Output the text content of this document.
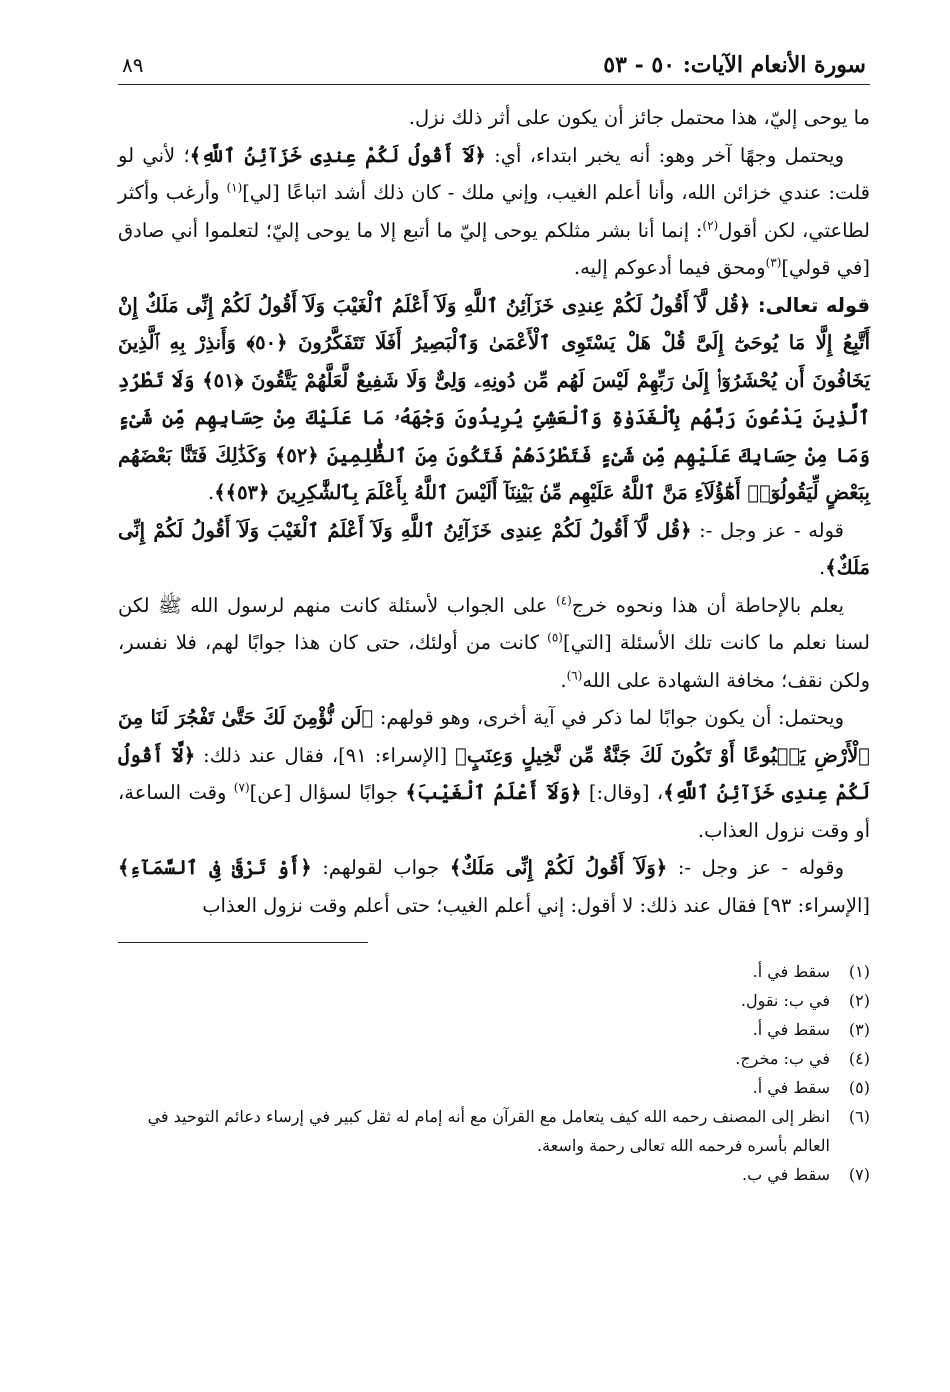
سورة الأنعام الآيات: ٥٠ - ٥٣
٨٩

ما يوحى إليّ، هذا محتمل جائز أن يكون على أثر ذلك نزل.

ويحتمل وجهًا آخر وهو: أنه يخبر ابتداء، أي: ﴿لَآ أَقُولُ لَكُمْ عِندِى خَزَآئِنُ ٱللَّهِ﴾؛ لأني لو قلت: عندي خزائن الله، وأنا أعلم الغيب، وإني ملك - كان ذلك أشد اتباعًا [لي]$^{(١)}$ وأرغب وأكثر لطاعتي، لكن أقول$^{(٢)}$: إنما أنا بشر مثلكم يوحى إليّ ما أتبع إلا ما يوحى إليّ؛ لتعلموا أني صادق [في قولي]$^{(٣)}$ومحق فيما أدعوكم إليه.

قوله تعالى: ﴿قُل لَّآ أَقُولُ لَكُمْ عِندِى خَزَآئِنُ ٱللَّهِ وَلَآ أَعْلَمُ ٱلْغَيْبَ وَلَآ أَقُولُ لَكُمْ إِنِّى مَلَكٌ إِنْ أَتَّبِعُ إِلَّا مَا يُوحَىٰٓ إِلَىَّ قُلْ هَلْ يَسْتَوِى ٱلْأَعْمَىٰ وَٱلْبَصِيرُ أَفَلَا تَتَفَكَّرُونَ ﴿٥٠﴾ وَأَنذِرْ بِهِ ٱلَّذِينَ يَخَافُونَ أَن يُحْشَرُوٓا۟ إِلَىٰ رَبِّهِمْ لَيْسَ لَهُم مِّن دُونِهِۦ وَلِىٌّ وَلَا شَفِيعٌ لَّعَلَّهُمْ يَتَّقُونَ ﴿٥١﴾ وَلَا تَطْرُدِ ٱلَّذِينَ يَدْعُونَ رَبَّهُم بِٱلْغَدَوٰةِ وَٱلْعَشِىِّ يُرِيدُونَ وَجْهَهُۥ مَا عَلَيْكَ مِنْ حِسَابِهِم مِّن شَىْءٍ وَمَا مِنْ حِسَابِكَ عَلَيْهِم مِّن شَىْءٍ فَتَطْرُدَهُمْ فَتَكُونَ مِنَ ٱلظَّٰلِمِينَ ﴿٥٢﴾ وَكَذَٰلِكَ فَتَنَّا بَعْضَهُم بِبَعْضٍ لِّيَقُولُوٓا۟ أَهَٰٓؤُلَآءِ مَنَّ ٱللَّهُ عَلَيْهِم مِّنۢ بَيْنِنَآ أَلَيْسَ ٱللَّهُ بِأَعْلَمَ بِٱلشَّٰكِرِينَ ﴿٥٣﴾﴾.

قوله - عز وجل -: ﴿قُل لَّآ أَقُولُ لَكُمْ عِندِى خَزَآئِنُ ٱللَّهِ وَلَآ أَعْلَمُ ٱلْغَيْبَ وَلَآ أَقُولُ لَكُمْ إِنِّى مَلَكٌ﴾.

يعلم بالإحاطة أن هذا ونحوه خرج$^{(٤)}$ على الجواب لأسئلة كانت منهم لرسول الله ﷺ لكن لسنا نعلم ما كانت تلك الأسئلة [التي]$^{(٥)}$ كانت من أولئك، حتى كان هذا جوابًا لهم، فلا نفسر، ولكن نقف؛ مخافة الشهادة على الله$^{(٦)}$.

ويحتمل: أن يكون جوابًا لما ذكر في آية أخرى، وهو قولهم: ﴿لَن نُّؤْمِنَ لَكَ حَتَّىٰ تَفْجُرَ لَنَا مِنَ ٱلْأَرْضِ يَنۢبُوعًا أَوْ تَكُونَ لَكَ جَنَّةٌ مِّن نَّخِيلٍ وَعِنَبٍ﴾ [الإسراء: ٩١]، فقال عند ذلك: ﴿لَّآ أَقُولُ لَكُمْ عِندِى خَزَآئِنُ ٱللَّهِ﴾، [وقال:] ﴿وَلَآ أَعْلَمُ ٱلْغَيْبَ﴾ جوابًا لسؤال [عن]$^{(٧)}$ وقت الساعة، أو وقت نزول العذاب.

وقوله - عز وجل -: ﴿وَلَآ أَقُولُ لَكُمْ إِنِّى مَلَكٌ﴾ جواب لقولهم: ﴿أَوْ تَرْقَىٰ فِى ٱلسَّمَآءِ﴾ [الإسراء: ٩٣] فقال عند ذلك: لا أقول: إني أعلم الغيب؛ حتى أعلم وقت نزول العذاب

(١)
سقط في أ.
(٢)
في ب: نقول.
(٣)
سقط في أ.
(٤)
في ب: مخرج.
(٥)
سقط في أ.
(٦)
انظر إلى المصنف رحمه الله كيف يتعامل مع القرآن مع أنه إمام له ثقل كبير في إرساء دعائم التوحيد في العالم بأسره فرحمه الله تعالى رحمة واسعة.
(٧)
سقط في ب.
